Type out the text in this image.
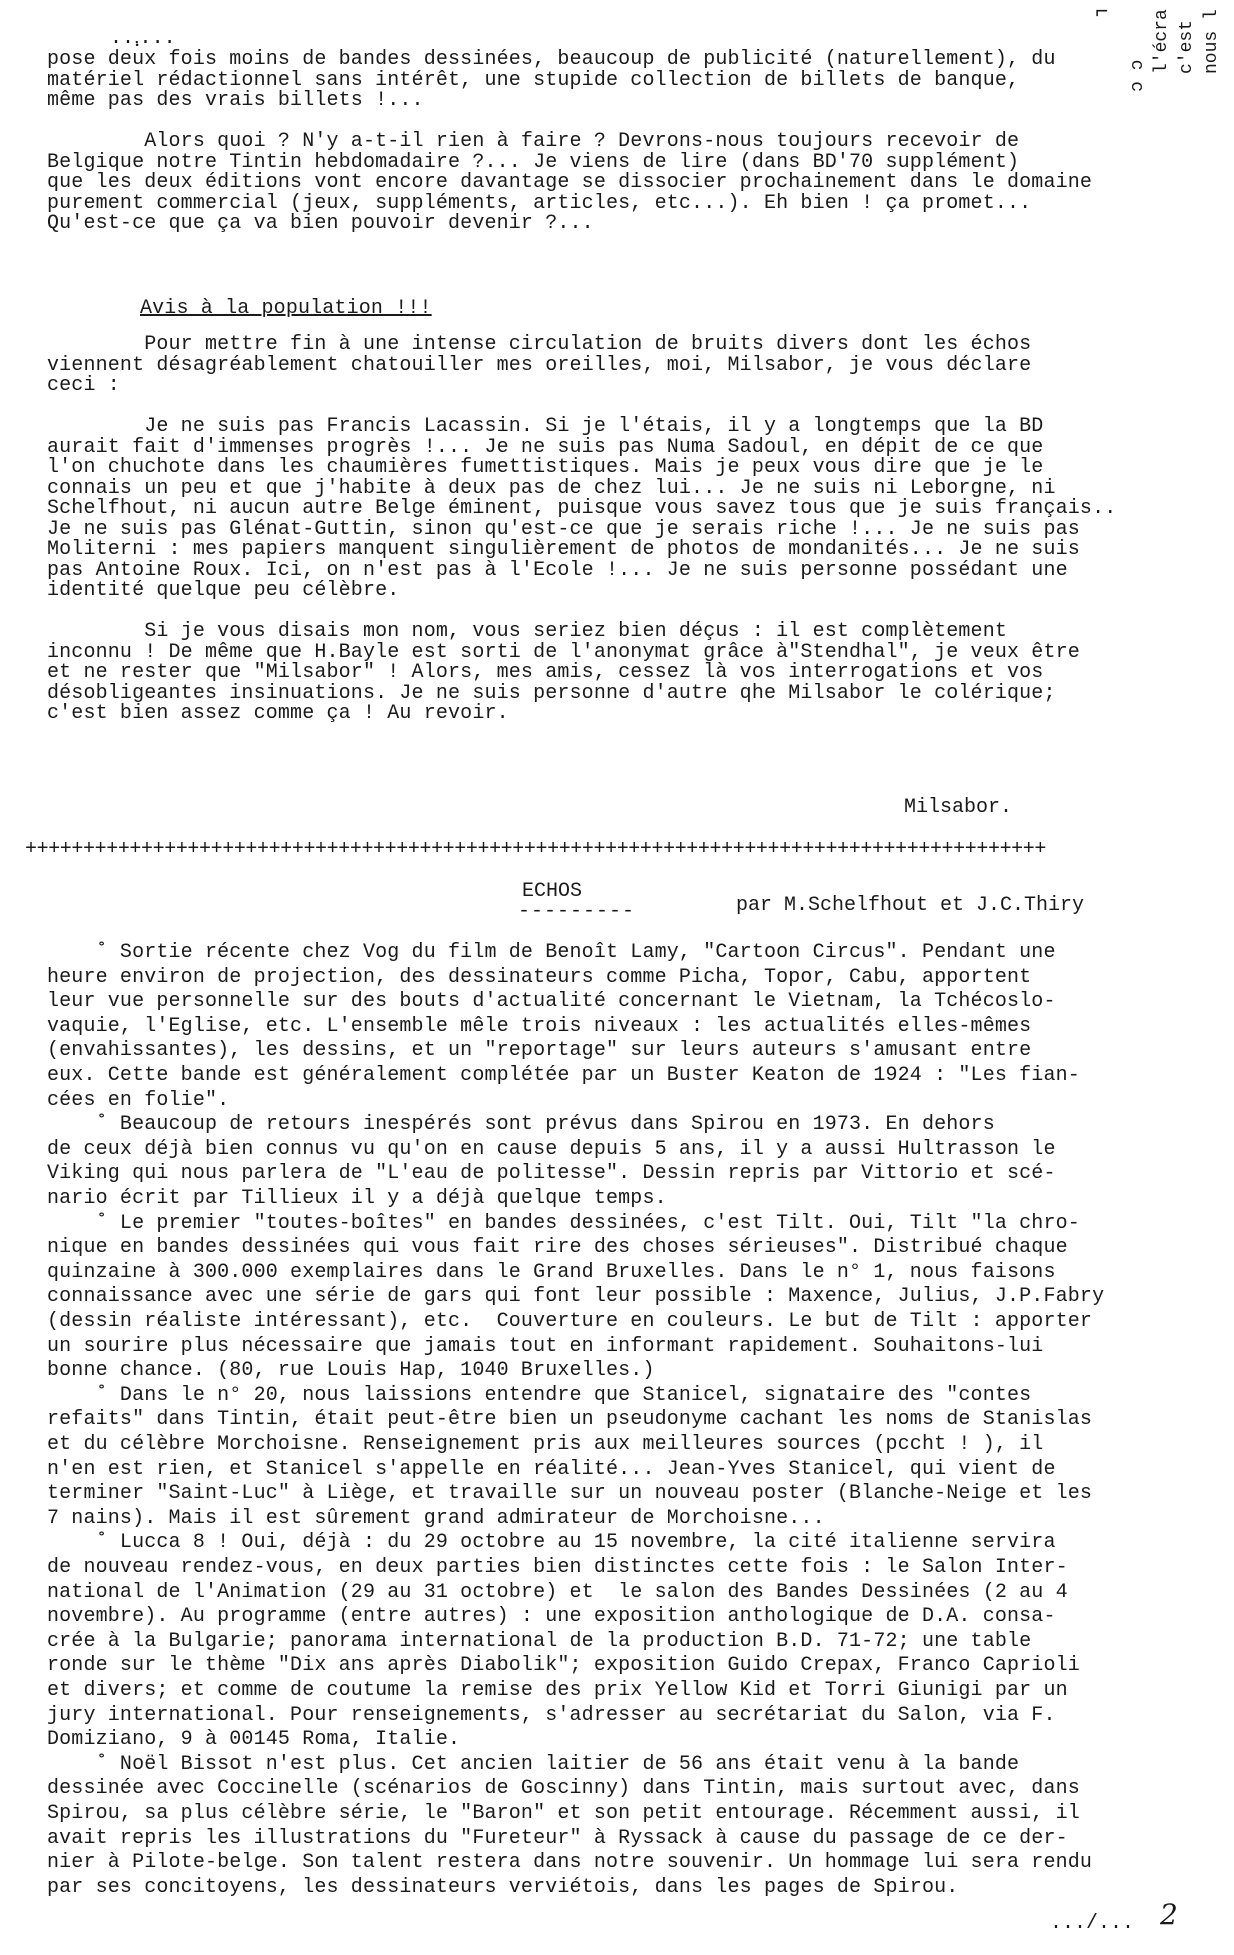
...ฺ...
⌐ l'écra c'est nous l
ɔ ɔ
pose deux fois moins de bandes dessinées, beaucoup de publicité (naturellement), du
matériel rédactionnel sans intérêt, une stupide collection de billets de banque,
même pas des vrais billets !...
Alors quoi ? N'y a-t-il rien à faire ? Devrons-nous toujours recevoir de
Belgique notre Tintin hebdomadaire ?... Je viens de lire (dans BD'70 supplément)
que les deux éditions vont encore davantage se dissocier prochainement dans le domaine
purement commercial (jeux, suppléments, articles, etc...). Eh bien ! ça promet...
Qu'est-ce que ça va bien pouvoir devenir ?...
Avis à la population !!!
Pour mettre fin à une intense circulation de bruits divers dont les échos
viennent désagréablement chatouiller mes oreilles, moi, Milsabor, je vous déclare
ceci :
Je ne suis pas Francis Lacassin. Si je l'étais, il y a longtemps que la BD
aurait fait d'immenses progrès !... Je ne suis pas Numa Sadoul, en dépit de ce que
l'on chuchote dans les chaumières fumettistiques. Mais je peux vous dire que je le
connais un peu et que j'habite à deux pas de chez lui... Je ne suis ni Leborgne, ni
Schelfhout, ni aucun autre Belge éminent, puisque vous savez tous que je suis français..
Je ne suis pas Glénat-Guttin, sinon qu'est-ce que je serais riche !... Je ne suis pas
Moliterni : mes papiers manquent singulièrement de photos de mondanités... Je ne suis
pas Antoine Roux. Ici, on n'est pas à l'Ecole !... Je ne suis personne possédant une
identité quelque peu célèbre.
Si je vous disais mon nom, vous seriez bien déçus : il est complètement
inconnu ! De même que H.Bayle est sorti de l'anonymat grâce à"Stendhal", je veux être
et ne rester que "Milsabor" ! Alors, mes amis, cessez là vos interrogations et vos
désobligeantes insinuations. Je ne suis personne d'autre qhe Milsabor le colérique;
c'est bien assez comme ça ! Au revoir.
Milsabor.
++++++++++++++++++++++++++++++++++++++++++++++++++++++++++++++++++++++++++++++++++++++++
ECHOS
---------	par M.Schelfhout et J.C.Thiry
˚ Sortie récente chez Vog du film de Benoît Lamy, "Cartoon Circus". Pendant une
heure environ de projection, des dessinateurs comme Picha, Topor, Cabu, apportent
leur vue personnelle sur des bouts d'actualité concernant le Vietnam, la Tchécoslo-
vaquie, l'Eglise, etc. L'ensemble mêle trois niveaux : les actualités elles-mêmes
(envahissantes), les dessins, et un "reportage" sur leurs auteurs s'amusant entre
eux. Cette bande est généralement complétée par un Buster Keaton de 1924 : "Les fian-
cées en folie".
˚ Beaucoup de retours inespérés sont prévus dans Spirou en 1973. En dehors
de ceux déjà bien connus vu qu'on en cause depuis 5 ans, il y a aussi Hultrasson le
Viking qui nous parlera de "L'eau de politesse". Dessin repris par Vittorio et scé-
nario écrit par Tillieux il y a déjà quelque temps.
˚ Le premier "toutes-boîtes" en bandes dessinées, c'est Tilt. Oui, Tilt "la chro-
nique en bandes dessinées qui vous fait rire des choses sérieuses". Distribué chaque
quinzaine à 300.000 exemplaires dans le Grand Bruxelles. Dans le n° 1, nous faisons
connaissance avec une série de gars qui font leur possible : Maxence, Julius, J.P.Fabry
(dessin réaliste intéressant), etc.  Couverture en couleurs. Le but de Tilt : apporter
un sourire plus nécessaire que jamais tout en informant rapidement. Souhaitons-lui
bonne chance. (80, rue Louis Hap, 1040 Bruxelles.)
˚ Dans le n° 20, nous laissions entendre que Stanicel, signataire des "contes
refaits" dans Tintin, était peut-être bien un pseudonyme cachant les noms de Stanislas
et du célèbre Morchoisne. Renseignement pris aux meilleures sources (pccht ! ), il
n'en est rien, et Stanicel s'appelle en réalité... Jean-Yves Stanicel, qui vient de
terminer "Saint-Luc" à Liège, et travaille sur un nouveau poster (Blanche-Neige et les
7 nains). Mais il est sûrement grand admirateur de Morchoisne...
˚ Lucca 8 ! Oui, déjà : du 29 octobre au 15 novembre, la cité italienne servira
de nouveau rendez-vous, en deux parties bien distinctes cette fois : le Salon Inter-
national de l'Animation (29 au 31 octobre) et  le salon des Bandes Dessinées (2 au 4
novembre). Au programme (entre autres) : une exposition anthologique de D.A. consa-
crée à la Bulgarie; panorama international de la production B.D. 71-72; une table
ronde sur le thème "Dix ans après Diabolik"; exposition Guido Crepax, Franco Caprioli
et divers; et comme de coutume la remise des prix Yellow Kid et Torri Giunigi par un
jury international. Pour renseignements, s'adresser au secrétariat du Salon, via F.
Domiziano, 9 à 00145 Roma, Italie.
˚ Noël Bissot n'est plus. Cet ancien laitier de 56 ans était venu à la bande
dessinée avec Coccinelle (scénarios de Goscinny) dans Tintin, mais surtout avec, dans
Spirou, sa plus célèbre série, le "Baron" et son petit entourage. Récemment aussi, il
avait repris les illustrations du "Fureteur" à Ryssack à cause du passage de ce der-
nier à Pilote-belge. Son talent restera dans notre souvenir. Un hommage lui sera rendu
par ses concitoyens, les dessinateurs verviétois, dans les pages de Spirou.
.../... 2
